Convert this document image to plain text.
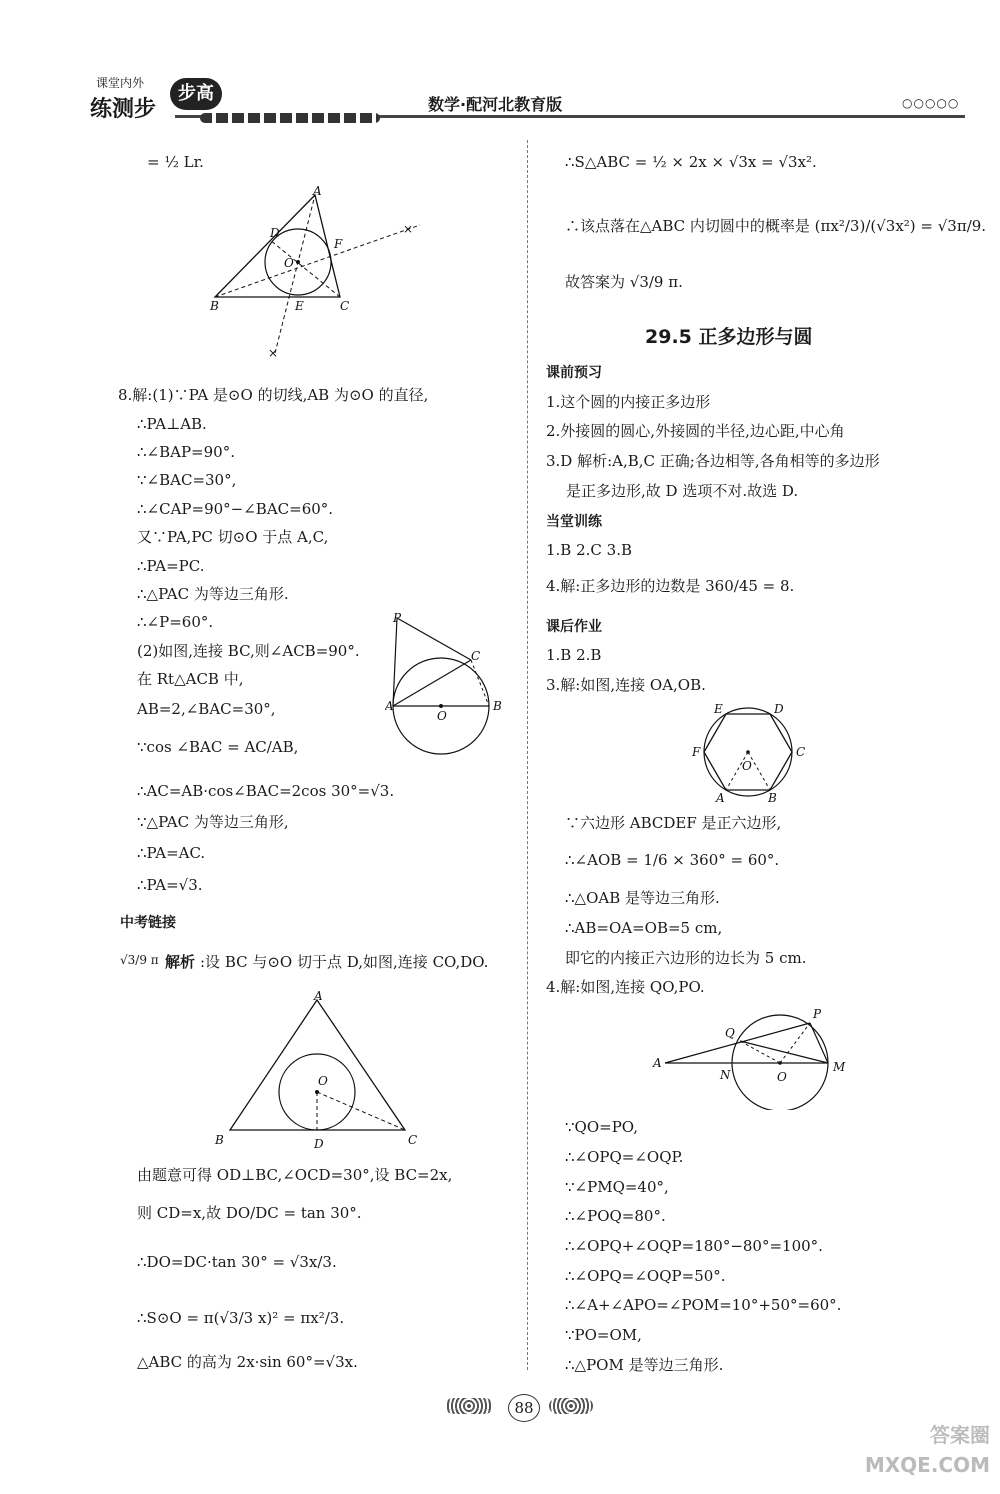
课堂内外
练测步
步高
数学·配河北教育版	○○○○○
= ½ Lr.
A
B	C
D
F
E
O
×
×
8.解:(1)∵PA 是⊙O 的切线,AB 为⊙O 的直径,
∴PA⊥AB.
∴∠BAP=90°.
∵∠BAC=30°,
∴∠CAP=90°−∠BAC=60°.
又∵PA,PC 切⊙O 于点 A,C,
∴PA=PC.
∴△PAC 为等边三角形.
∴∠P=60°.
(2)如图,连接 BC,则∠ACB=90°.
在 Rt△ACB 中,
AB=2,∠BAC=30°,
∵cos ∠BAC = AC/AB,
∴AC=AB·cos∠BAC=2cos 30°=√3.
∵△PAC 为等边三角形,
∴PA=AC.
∴PA=√3.
P
C
A	B
O
中考链接
√3/9 π 解析 :设 BC 与⊙O 切于点 D,如图,连接 CO,DO.
A
B	C
D
O
由题意可得 OD⊥BC,∠OCD=30°,设 BC=2x,
则 CD=x,故 DO/DC = tan 30°.
∴DO=DC·tan 30° = √3x/3.
∴S⊙O = π(√3/3 x)² = πx²/3.
△ABC 的高为 2x·sin 60°=√3x.
∴S△ABC = ½ × 2x × √3x = √3x².
∴该点落在△ABC 内切圆中的概率是 (πx²/3)/(√3x²) = √3π/9.
故答案为 √3/9 π.
29.5 正多边形与圆
课前预习
1.这个圆的内接正多边形
2.外接圆的圆心,外接圆的半径,边心距,中心角
3.D 解析:A,B,C 正确;各边相等,各角相等的多边形
是正多边形,故 D 选项不对.故选 D.
当堂训练
1.B 2.C 3.B
4.解:正多边形的边数是 360/45 = 8.
课后作业
1.B 2.B
3.解:如图,连接 OA,OB.
E	D
F	C
A	B
O
∵六边形 ABCDEF 是正六边形,
∴∠AOB = 1/6 × 360° = 60°.
∴△OAB 是等边三角形.
∴AB=OA=OB=5 cm,
即它的内接正六边形的边长为 5 cm.
4.解:如图,连接 QO,PO.
A
Q
P
M
N	O
∵QO=PO,
∴∠OPQ=∠OQP.
∵∠PMQ=40°,
∴∠POQ=80°.
∴∠OPQ+∠OQP=180°−80°=100°.
∴∠OPQ=∠OQP=50°.
∴∠A+∠APO=∠POM=10°+50°=60°.
∵PO=OM,
∴△POM 是等边三角形.
88
答案圈 MXQE.COM
